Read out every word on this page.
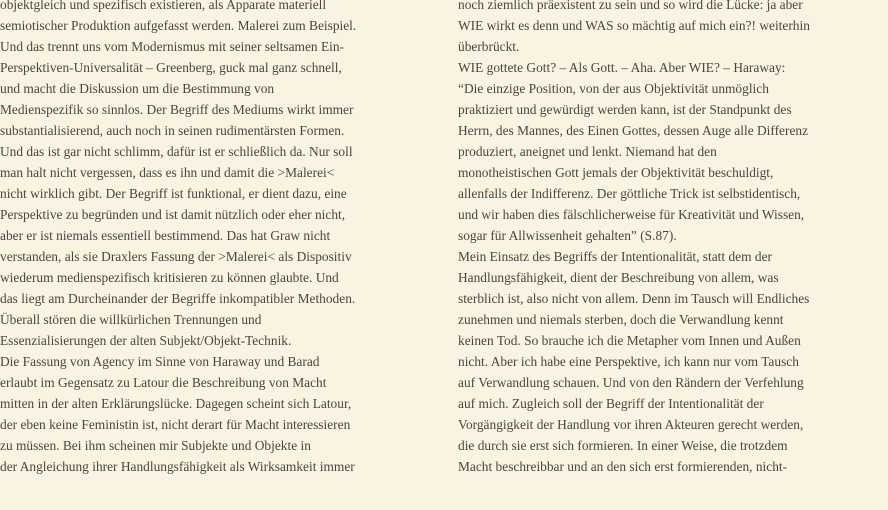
objektgleich und spezifisch existieren, als Apparate materiell
semiotischer Produktion aufgefasst werden. Malerei zum Beispiel.
Und das trennt uns vom Modernismus mit seiner seltsamen Ein-
Perspektiven-Universalität – Greenberg, guck mal ganz schnell,
und macht die Diskussion um die Bestimmung von
Medienspezifik so sinnlos. Der Begriff des Mediums wirkt immer
substantialisierend, auch noch in seinen rudimentärsten Formen.
Und das ist gar nicht schlimm, dafür ist er schließlich da. Nur soll
man halt nicht vergessen, dass es ihn und damit die >Malerei<
nicht wirklich gibt. Der Begriff ist funktional, er dient dazu, eine
Perspektive zu begründen und ist damit nützlich oder eher nicht,
aber er ist niemals essentiell bestimmend. Das hat Graw nicht
verstanden, als sie Draxlers Fassung der >Malerei< als Dispositiv
wiederum medienspezifisch kritisieren zu können glaubte. Und
das liegt am Durcheinander der Begriffe inkompatibler Methoden.
Überall stören die willkürlichen Trennungen und
Essenzialisierungen der alten Subjekt/Objekt-Technik.
Die Fassung von Agency im Sinne von Haraway und Barad
erlaubt im Gegensatz zu Latour die Beschreibung von Macht
mitten in der alten Erklärungslücke. Dagegen scheint sich Latour,
der eben keine Feministin ist, nicht derart für Macht interessieren
zu müssen. Bei ihm scheinen mir Subjekte und Objekte in
der Angleichung ihrer Handlungsfähigkeit als Wirksamkeit immer
noch ziemlich präexistent zu sein und so wird die Lücke: ja aber
WIE wirkt es denn und WAS so mächtig auf mich ein?! weiterhin
überbrückt.
WIE gottete Gott? – Als Gott. – Aha. Aber WIE? – Haraway:
“Die einzige Position, von der aus Objektivität unmöglich
praktiziert und gewürdigt werden kann, ist der Standpunkt des
Herrn, des Mannes, des Einen Gottes, dessen Auge alle Differenz
produziert, aneignet und lenkt. Niemand hat den
monotheistischen Gott jemals der Objektivität beschuldigt,
allenfalls der Indifferenz. Der göttliche Trick ist selbstidentisch,
und wir haben dies fälschlicherweise für Kreativität und Wissen,
sogar für Allwissenheit gehalten” (S.87).
Mein Einsatz des Begriffs der Intentionalität, statt dem der
Handlungsfähigkeit, dient der Beschreibung von allem, was
sterblich ist, also nicht von allem. Denn im Tausch will Endliches
zunehmen und niemals sterben, doch die Verwandlung kennt
keinen Tod. So brauche ich die Metapher vom Innen und Außen
nicht. Aber ich habe eine Perspektive, ich kann nur vom Tausch
auf Verwandlung schauen. Und von den Rändern der Verfehlung
auf mich. Zugleich soll der Begriff der Intentionalität der
Vorgängigkeit der Handlung vor ihren Akteuren gerecht werden,
die durch sie erst sich formieren. In einer Weise, die trotzdem
Macht beschreibbar und an den sich erst formierenden, nicht-
